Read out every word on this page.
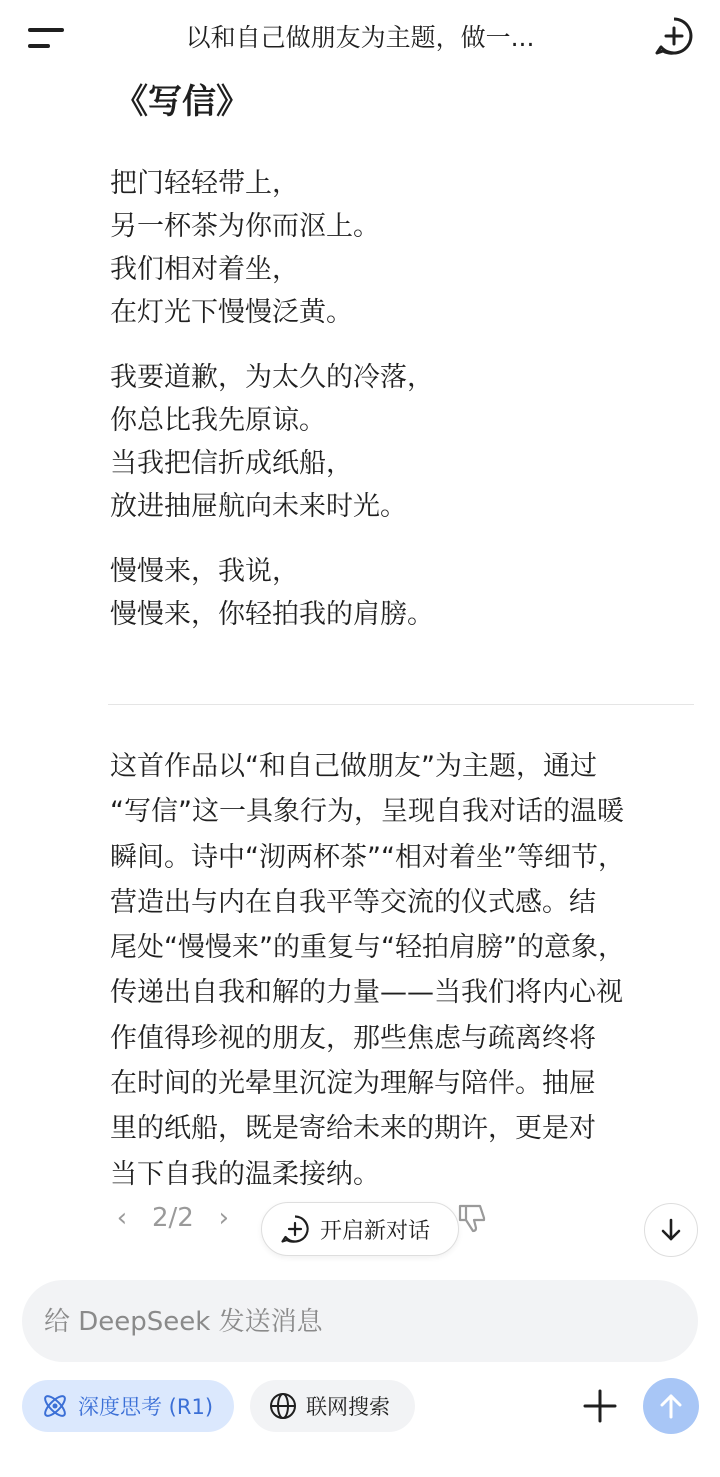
以和自己做朋友为主题，做一...
《写信》
把门轻轻带上，
另一杯茶为你而沤上。
我们相对着坐，
在灯光下慢慢泛黄。
我要道歉，为太久的冷落，
你总比我先原谅。
当我把信折成纸船，
放进抽屉航向未来时光。
慢慢来，我说，
慢慢来，你轻拍我的肩膀。
这首作品以“和自己做朋友”为主题，通过
“写信”这一具象行为，呈现自我对话的温暖
瞬间。诗中“沏两杯茶”“相对着坐”等细节，
营造出与内在自我平等交流的仪式感。结
尾处“慢慢来”的重复与“轻拍肩膀”的意象，
传递出自我和解的力量——当我们将内心视
作值得珍视的朋友，那些焦虑与疏离终将
在时间的光晕里沉淀为理解与陪伴。抽屉
里的纸船，既是寄给未来的期许，更是对
当下自我的温柔接纳。
‹ 2/2 ›	开启新对话
给 DeepSeek 发送消息
深度思考 (R1)	联网搜索
